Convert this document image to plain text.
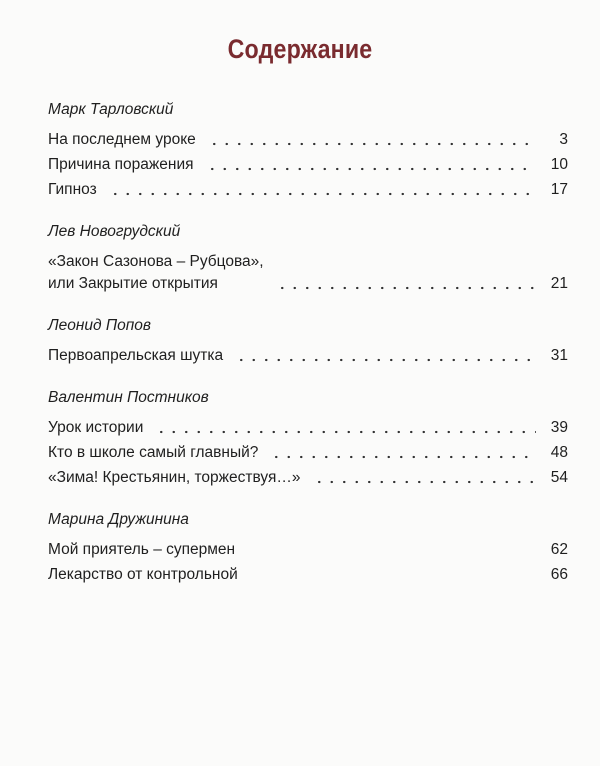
Содержание
Марк Тарловский
На последнем уроке	3
Причина поражения	10
Гипноз	17
Лев Новогрудский
«Закон Сазонова – Рубцова»,
или Закрытие открытия	21
Леонид Попов
Первоапрельская шутка	31
Валентин Постников
Урок истории	39
Кто в школе самый главный?	48
«Зима! Крестьянин, торжествуя…»	54
Марина Дружинина
Мой приятель – супермен	62
Лекарство от контрольной	66
